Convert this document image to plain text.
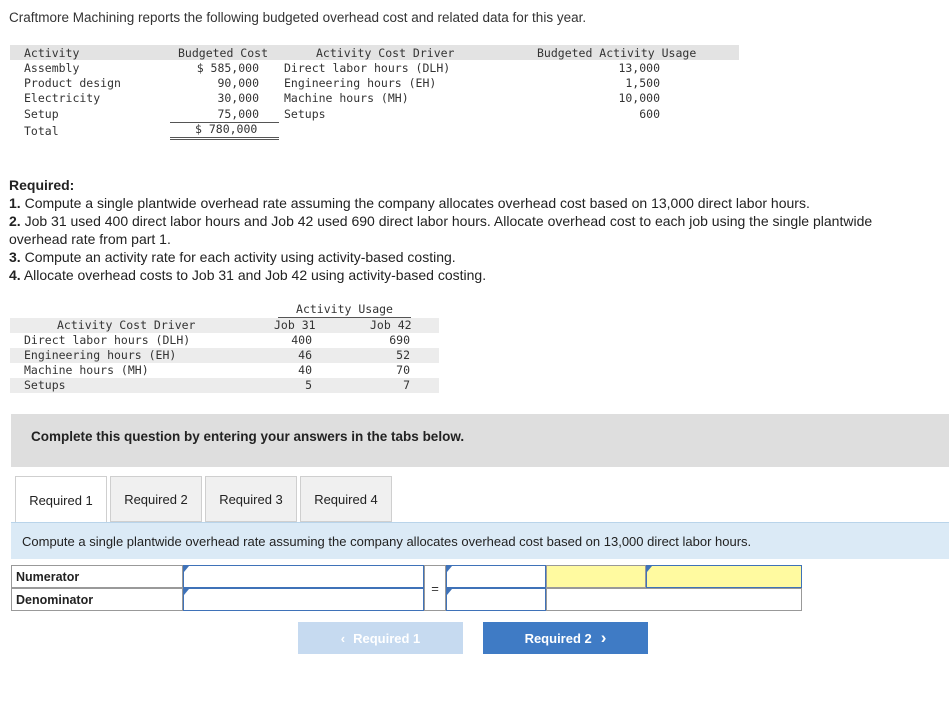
Craftmore Machining reports the following budgeted overhead cost and related data for this year.
Activity	Budgeted Cost	Activity Cost Driver	Budgeted Activity Usage
Assembly	$ 585,000 Direct labor hours (DLH)	13,000
Product design	90,000 Engineering hours (EH)	1,500
Electricity	30,000 Machine hours (MH)	10,000
Setup	75,000	Setups	600
Total	$ 780,000
Required:
1. Compute a single plantwide overhead rate assuming the company allocates overhead cost based on 13,000 direct labor hours.
2. Job 31 used 400 direct labor hours and Job 42 used 690 direct labor hours. Allocate overhead cost to each job using the single plantwide overhead rate from part 1.
3. Compute an activity rate for each activity using activity-based costing.
4. Allocate overhead costs to Job 31 and Job 42 using activity-based costing.
Activity Usage
Activity Cost Driver	Job 31	Job 42
Direct labor hours (DLH)	400	690
Engineering hours (EH)	46	52
Machine hours (MH)	40	70
Setups	5	7
Complete this question by entering your answers in the tabs below.
Required 1	Required 2	Required 3	Required 4
Compute a single plantwide overhead rate assuming the company allocates overhead cost based on 13,000 direct labor hours.
Numerator
Denominator
=
‹ Required 1	Required 2 ›
